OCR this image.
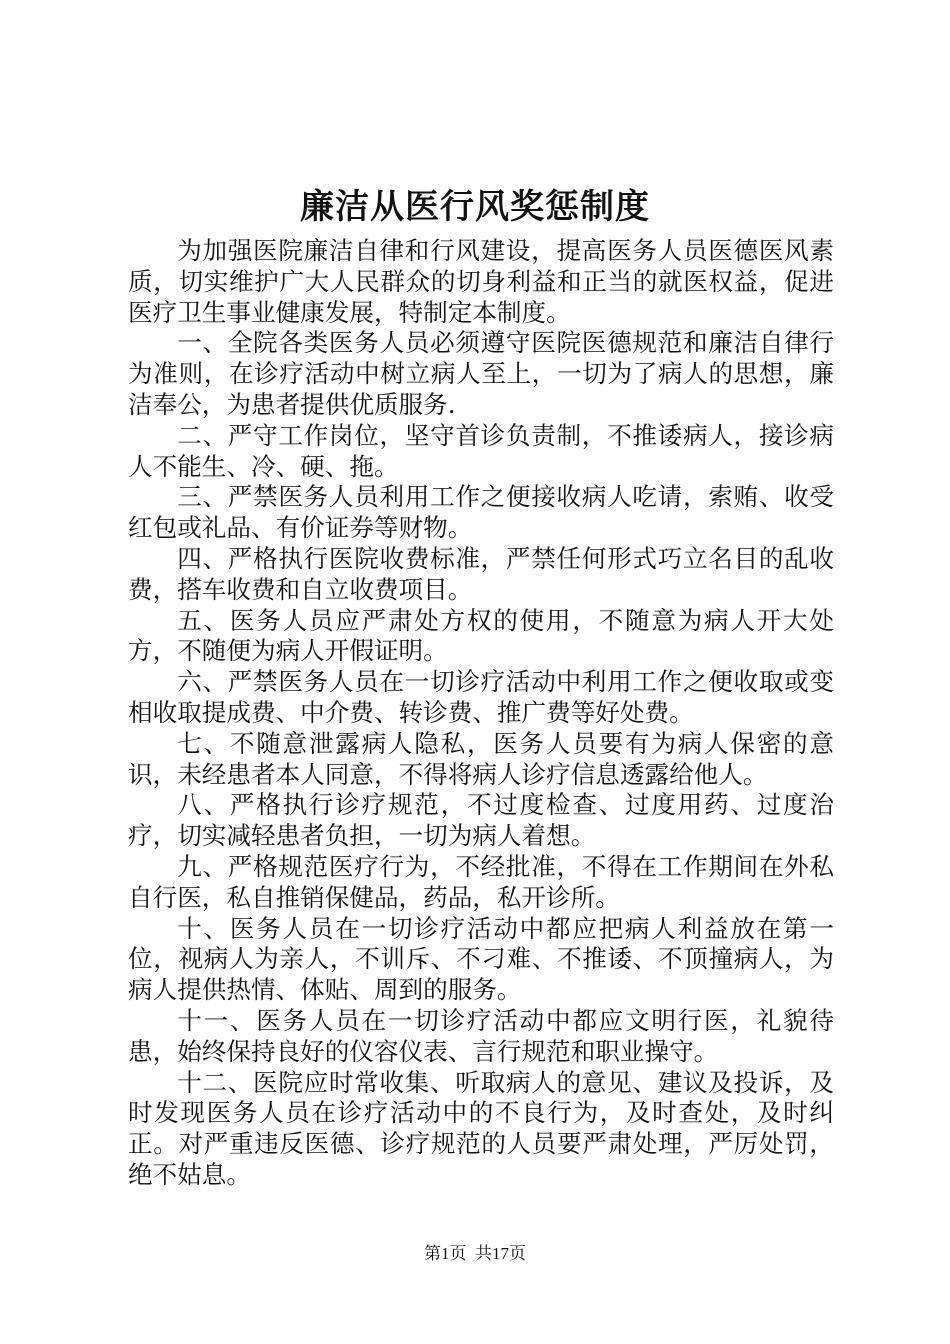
廉洁从医行风奖惩制度

为加强医院廉洁自律和行风建设，提高医务人员医德医风素质，切实维护广大人民群众的切身利益和正当的就医权益，促进医疗卫生事业健康发展，特制定本制度。

一、全院各类医务人员必须遵守医院医德规范和廉洁自律行为准则，在诊疗活动中树立病人至上，一切为了病人的思想，廉洁奉公，为患者提供优质服务.

二、严守工作岗位，坚守首诊负责制，不推诿病人，接诊病人不能生、冷、硬、拖。

三、严禁医务人员利用工作之便接收病人吃请，索贿、收受红包或礼品、有价证券等财物。

四、严格执行医院收费标准，严禁任何形式巧立名目的乱收费，搭车收费和自立收费项目。

五、医务人员应严肃处方权的使用，不随意为病人开大处方，不随便为病人开假证明。

六、严禁医务人员在一切诊疗活动中利用工作之便收取或变相收取提成费、中介费、转诊费、推广费等好处费。

七、不随意泄露病人隐私，医务人员要有为病人保密的意识，未经患者本人同意，不得将病人诊疗信息透露给他人。

八、严格执行诊疗规范，不过度检查、过度用药、过度治疗，切实减轻患者负担，一切为病人着想。

九、严格规范医疗行为，不经批准，不得在工作期间在外私自行医，私自推销保健品，药品，私开诊所。

十、医务人员在一切诊疗活动中都应把病人利益放在第一位，视病人为亲人，不训斥、不刁难、不推诿、不顶撞病人，为病人提供热情、体贴、周到的服务。

十一、医务人员在一切诊疗活动中都应文明行医，礼貌待患，始终保持良好的仪容仪表、言行规范和职业操守。

十二、医院应时常收集、听取病人的意见、建议及投诉，及时发现医务人员在诊疗活动中的不良行为，及时查处，及时纠正。对严重违反医德、诊疗规范的人员要严肃处理，严厉处罚，绝不姑息。

第1页  共17页
